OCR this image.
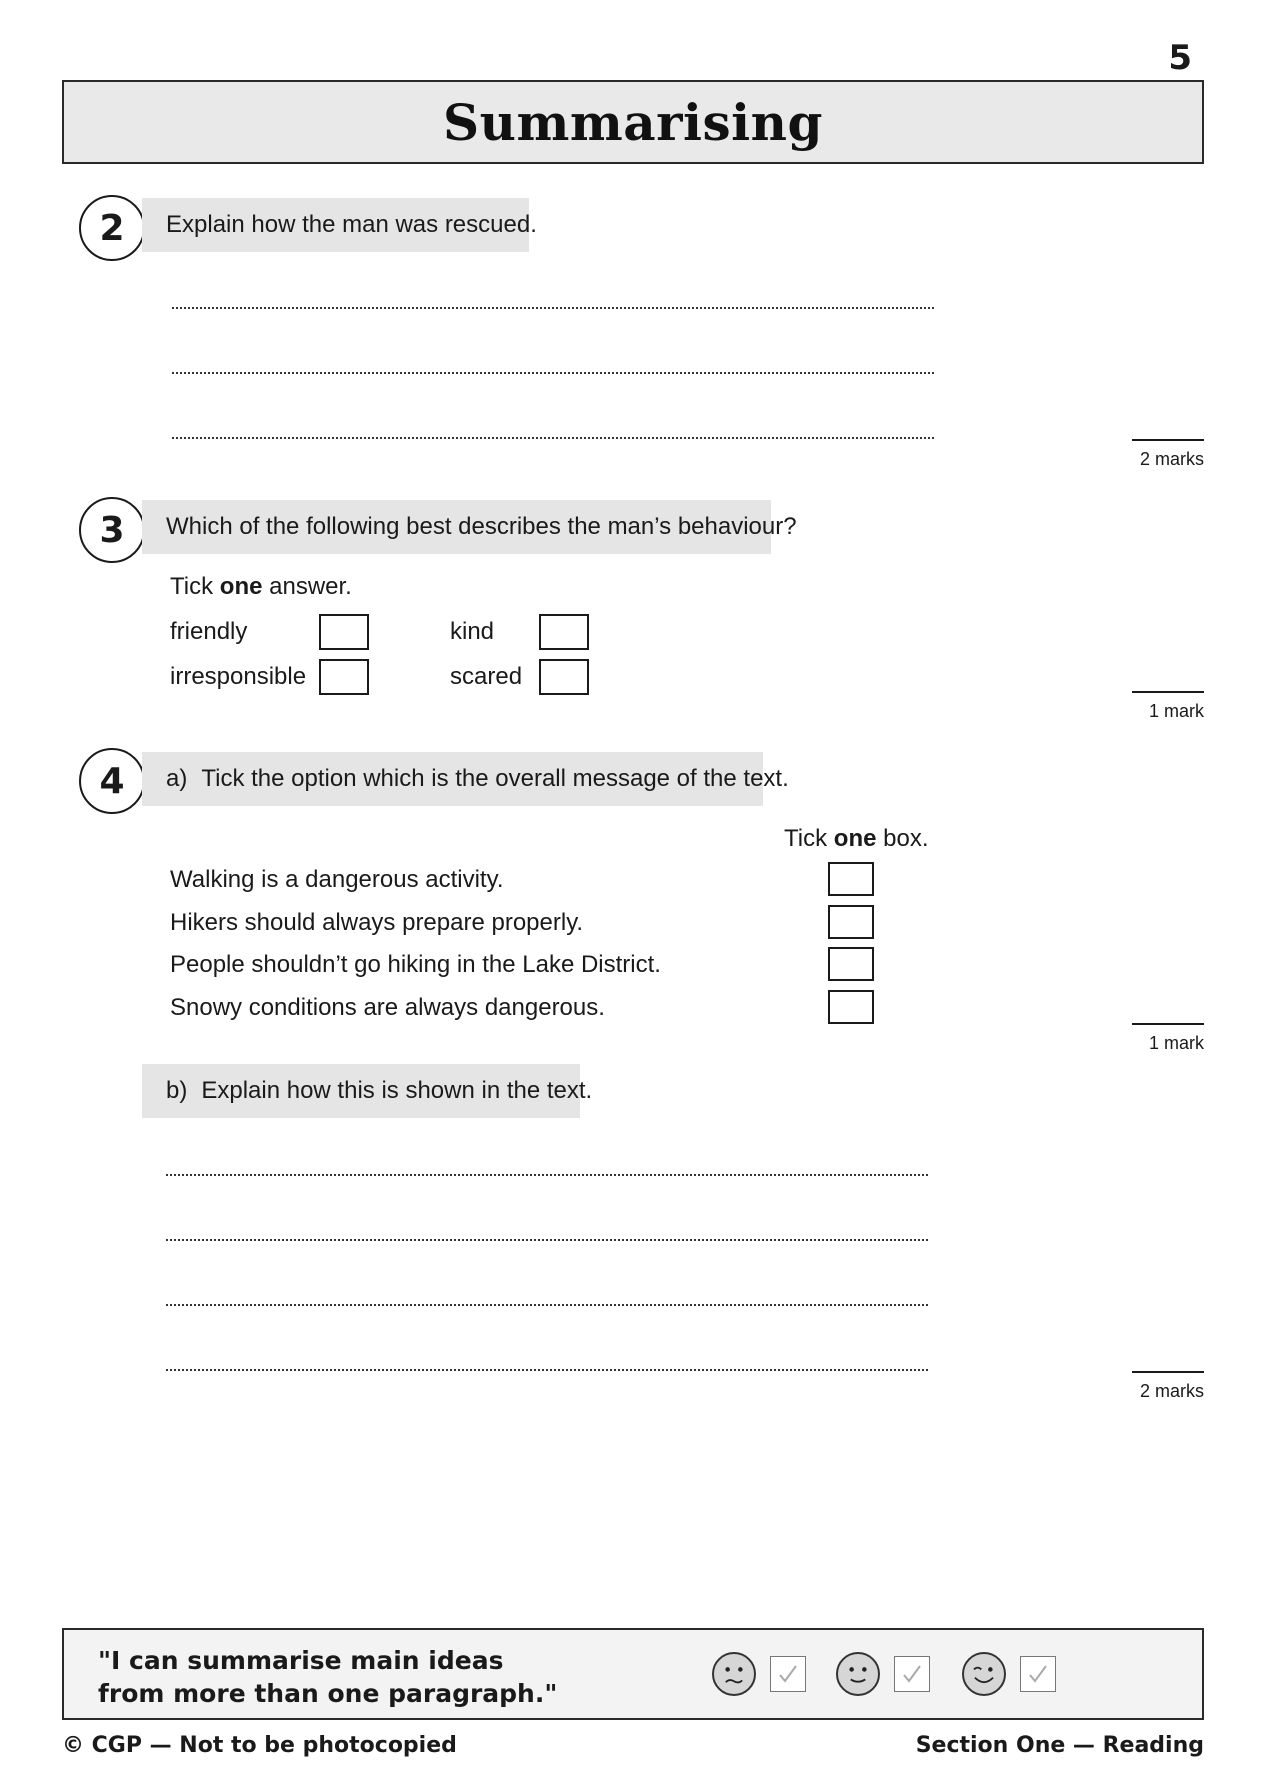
5
Summarising
2	Explain how the man was rescued.
2 marks
3	Which of the following best describes the man’s behaviour?
Tick one answer.
friendly	kind
irresponsible	scared
1 mark
4	a) Tick the option which is the overall message of the text.
Tick one box.
Walking is a dangerous activity.
Hikers should always prepare properly.
People shouldn’t go hiking in the Lake District.
Snowy conditions are always dangerous.
1 mark
b) Explain how this is shown in the text.
2 marks
"I can summarise main ideas
from more than one paragraph."
© CGP — Not to be photocopied	Section One — Reading
